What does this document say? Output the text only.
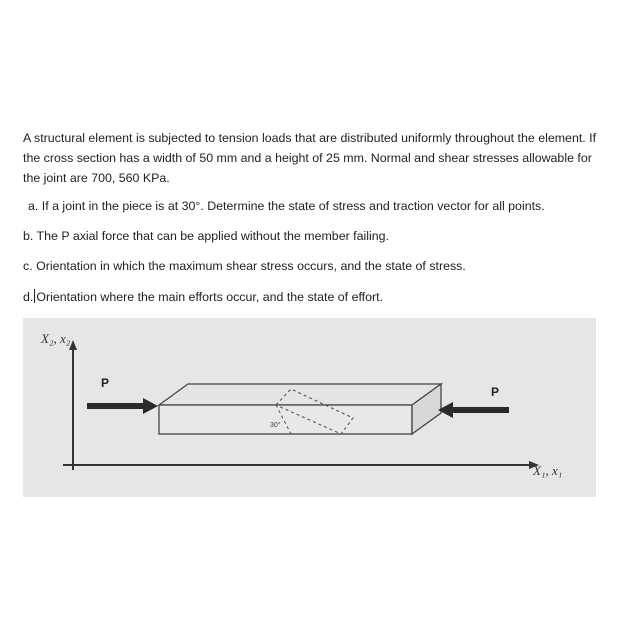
A structural element is subjected to tension loads that are distributed uniformly throughout the element. If the cross section has a width of 50 mm and a height of 25 mm. Normal and shear stresses allowable for the joint are 700, 560 KPa.

a. If a joint in the piece is at 30°. Determine the state of stress and traction vector for all points.

b. The P axial force that can be applied without the member failing.

c. Orientation in which the maximum shear stress occurs, and the state of stress.

d. Orientation where the main efforts occur, and the state of effort.

X₂, x₂
X₁, x₁
30°
P
P
